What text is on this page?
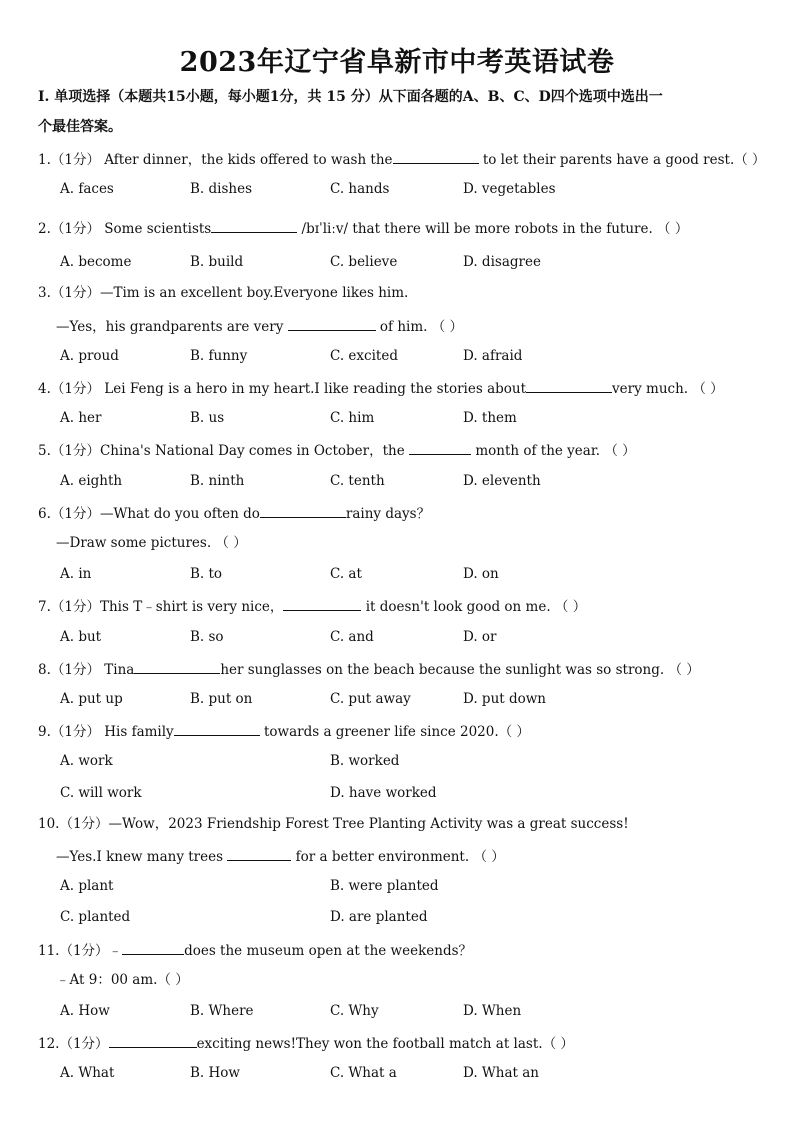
2023年辽宁省阜新市中考英语试卷
I. 单项选择（本题共15小题，每小题1分，共 15 分）从下面各题的A、B、C、D四个选项中选出一
个最佳答案。
1.（1分） After dinner，the kids offered to wash the	to let their parents have a good rest.（ ）
A. faces	B. dishes	C. hands	D. vegetables
2.（1分） Some scientists	/bɪˈliːv/ that there will be more robots in the future. （ ）
A. become	B. build	C. believe	D. disagree
3.（1分）—Tim is an excellent boy.Everyone likes him.
—Yes，his grandparents are very	of him. （ ）
A. proud	B. funny	C. excited	D. afraid
4.（1分） Lei Feng is a hero in my heart.I like reading the stories about	very much. （ ）
A. her	B. us	C. him	D. them
5.（1分）China's National Day comes in October，the	month of the year. （ ）
A. eighth	B. ninth	C. tenth	D. eleventh
6.（1分）—What do you often do	rainy days？
—Draw some pictures. （ ）
A. in	B. to	C. at	D. on
7.（1分）This T﹣shirt is very nice，	it doesn't look good on me. （ ）
A. but	B. so	C. and	D. or
8.（1分） Tina	her sunglasses on the beach because the sunlight was so strong. （ ）
A. put up	B. put on	C. put away	D. put down
9.（1分） His family	towards a greener life since 2020.（ ）
A. work	B. worked
C. will work	D. have worked
10.（1分）—Wow，2023 Friendship Forest Tree Planting Activity was a great success!
—Yes.I knew many trees	for a better environment. （ ）
A. plant	B. were planted
C. planted	D. are planted
11.（1分）﹣	does the museum open at the weekends？
﹣At 9：00 am.（ ）
A. How	B. Where	C. Why	D. When
12.（1分）	exciting news!They won the football match at last.（ ）
A. What	B. How	C. What a	D. What an
